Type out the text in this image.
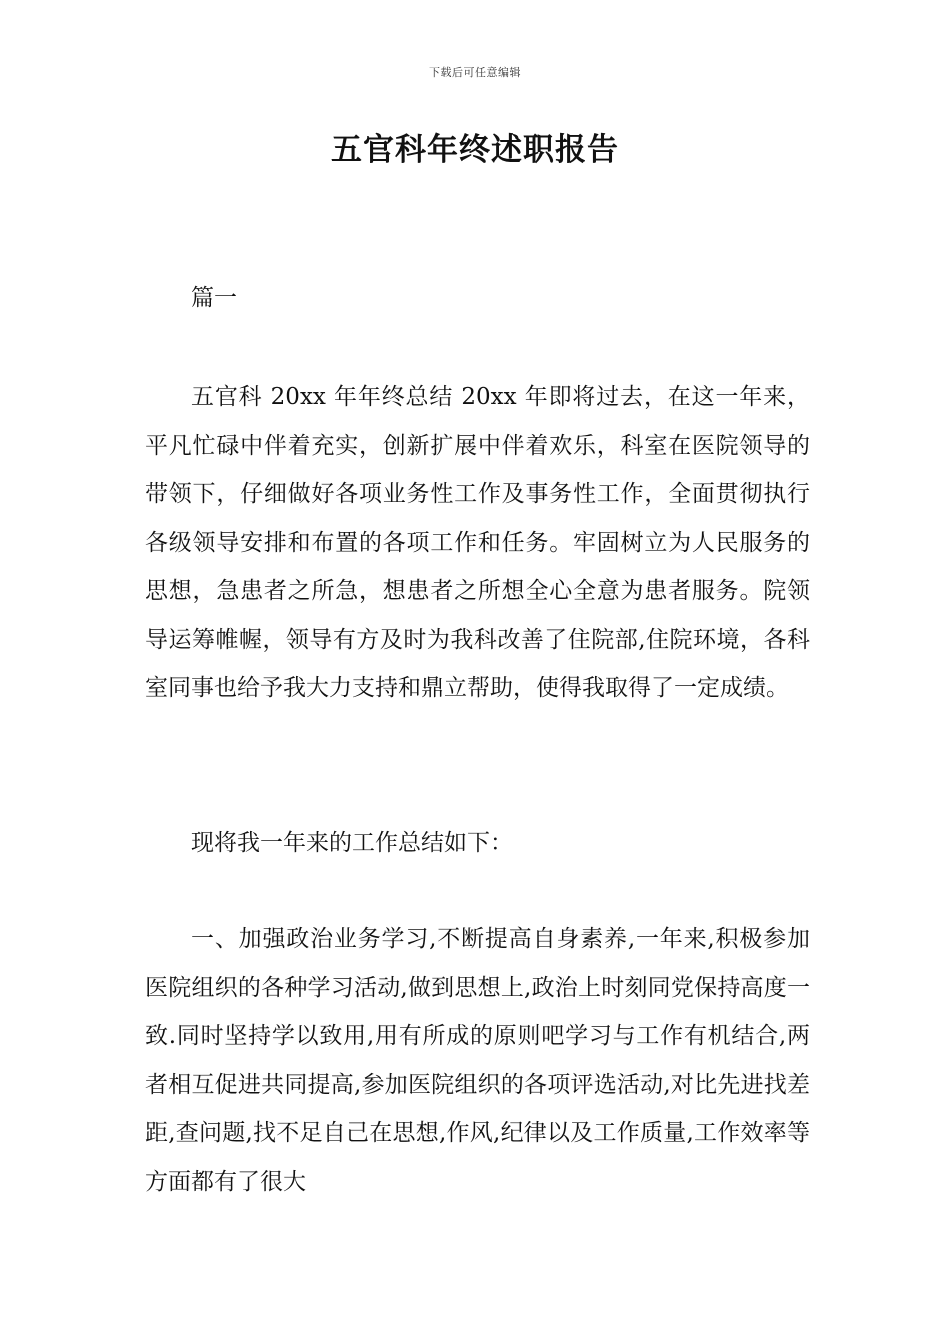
下载后可任意编辑
五官科年终述职报告

篇一

五官科 20xx 年年终总结 20xx 年即将过去，在这一年来，平凡忙碌中伴着充实，创新扩展中伴着欢乐，科室在医院领导的带领下，仔细做好各项业务性工作及事务性工作，全面贯彻执行各级领导安排和布置的各项工作和任务。牢固树立为人民服务的思想，急患者之所急，想患者之所想全心全意为患者服务。院领导运筹帷幄，领导有方及时为我科改善了住院部,住院环境，各科室同事也给予我大力支持和鼎立帮助，使得我取得了一定成绩。

现将我一年来的工作总结如下：

一、加强政治业务学习,不断提高自身素养,一年来,积极参加医院组织的各种学习活动,做到思想上,政治上时刻同党保持高度一致.同时坚持学以致用,用有所成的原则吧学习与工作有机结合,两者相互促进共同提高,参加医院组织的各项评选活动,对比先进找差距,查问题,找不足自己在思想,作风,纪律以及工作质量,工作效率等方面都有了很大
